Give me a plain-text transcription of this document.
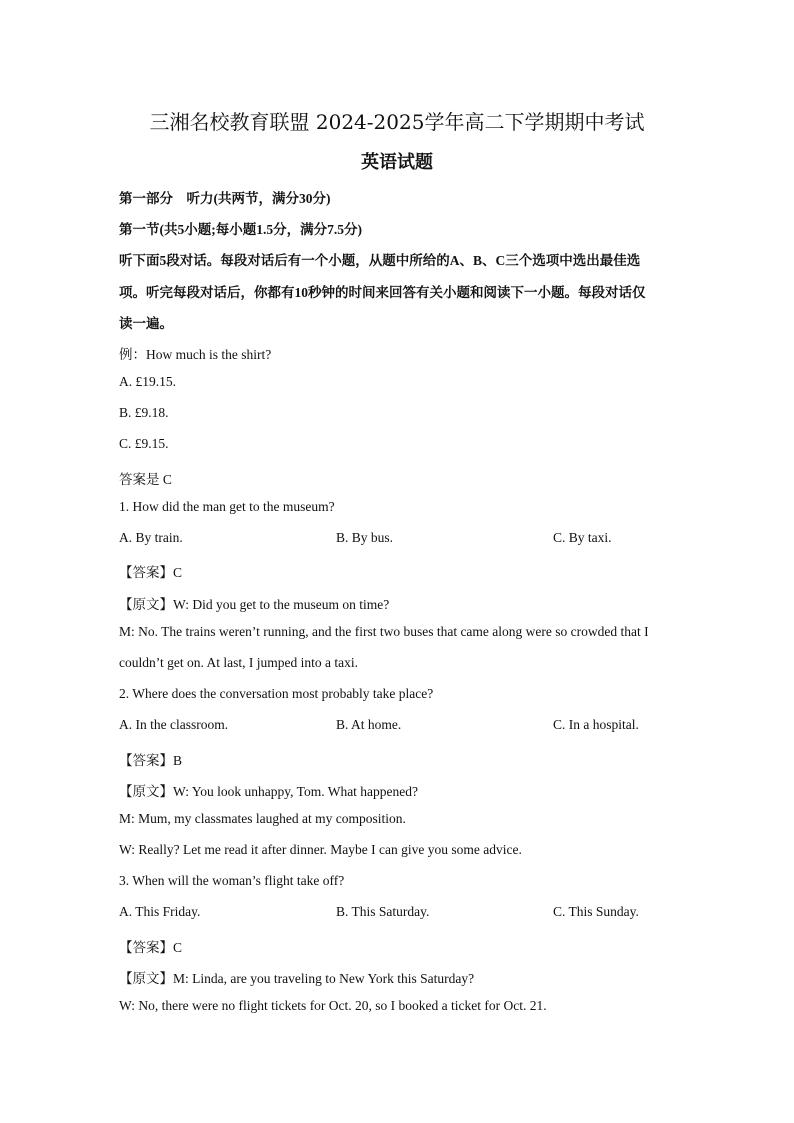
三湘名校教育联盟 2024-2025学年高二下学期期中考试
英语试题
第一部分　听力(共两节，满分30分)
第一节(共5小题;每小题1.5分，满分7.5分)
听下面5段对话。每段对话后有一个小题，从题中所给的A、B、C三个选项中选出最佳选
项。听完每段对话后，你都有10秒钟的时间来回答有关小题和阅读下一小题。每段对话仅
读一遍。
例：How much is the shirt?
A. £19.15.
B. £9.18.
C. £9.15.
答案是 C
1. How did the man get to the museum?
A. By train.	B. By bus.	C. By taxi.
【答案】C
【原文】W: Did you get to the museum on time?
M: No. The trains weren’t running, and the first two buses that came along were so crowded that I
couldn’t get on. At last, I jumped into a taxi.
2. Where does the conversation most probably take place?
A. In the classroom.	B. At home.	C. In a hospital.
【答案】B
【原文】W: You look unhappy, Tom. What happened?
M: Mum, my classmates laughed at my composition.
W: Really? Let me read it after dinner. Maybe I can give you some advice.
3. When will the woman’s flight take off?
A. This Friday.	B. This Saturday.	C. This Sunday.
【答案】C
【原文】M: Linda, are you traveling to New York this Saturday?
W: No, there were no flight tickets for Oct. 20, so I booked a ticket for Oct. 21.
